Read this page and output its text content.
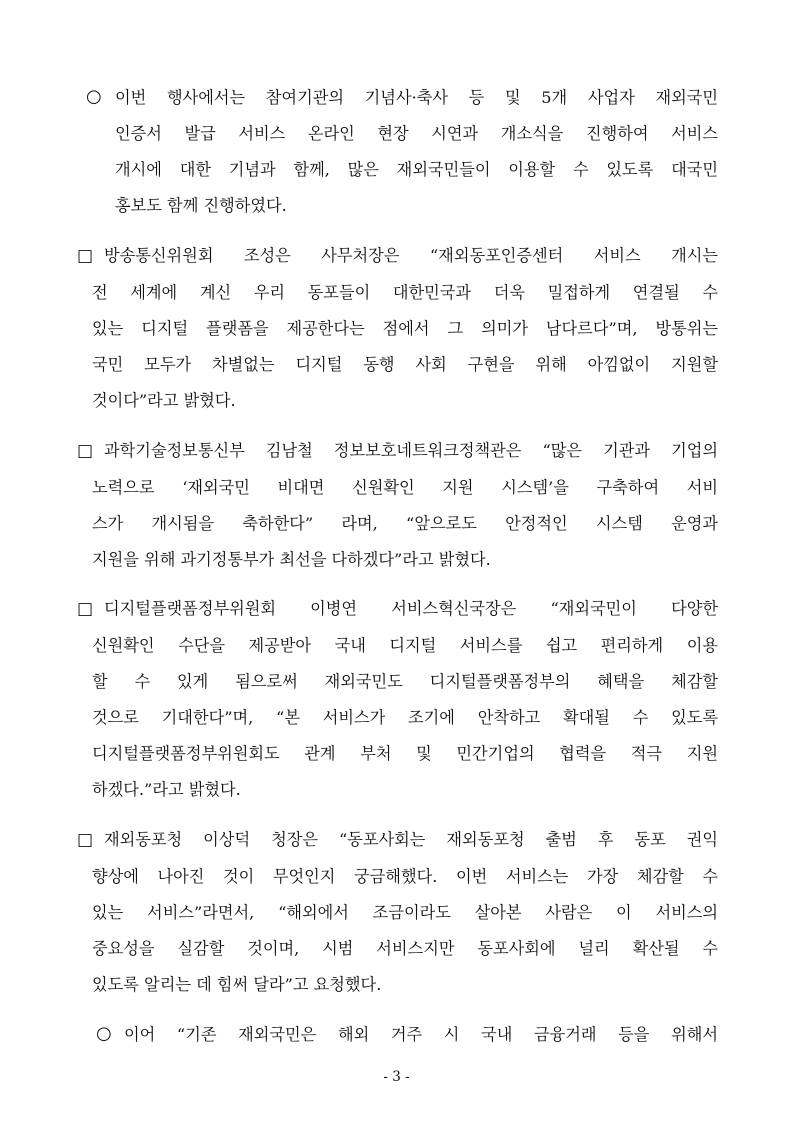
○ 이번 행사에서는 참여기관의 기념사·축사 등 및 5개 사업자 재외국민
인증서 발급 서비스 온라인 현장 시연과 개소식을 진행하여 서비스
개시에 대한 기념과 함께, 많은 재외국민들이 이용할 수 있도록 대국민
홍보도 함께 진행하였다.
□ 방송통신위원회 조성은 사무처장은 “재외동포인증센터 서비스 개시는
전 세계에 계신 우리 동포들이 대한민국과 더욱 밀접하게 연결될 수
있는 디지털 플랫폼을 제공한다는 점에서 그 의미가 남다르다”며, 방통위는
국민 모두가 차별없는 디지털 동행 사회 구현을 위해 아낌없이 지원할
것이다”라고 밝혔다.
□ 과학기술정보통신부 김남철 정보보호네트워크정책관은 “많은 기관과 기업의
노력으로 ‘재외국민 비대면 신원확인 지원 시스템’을 구축하여 서비
스가 개시됨을 축하한다” 라며, “앞으로도 안정적인 시스템 운영과
지원을 위해 과기정통부가 최선을 다하겠다”라고 밝혔다.
□ 디지털플랫폼정부위원회 이병연 서비스혁신국장은 “재외국민이 다양한
신원확인 수단을 제공받아 국내 디지털 서비스를 쉽고 편리하게 이용
할 수 있게 됨으로써 재외국민도 디지털플랫폼정부의 혜택을 체감할
것으로 기대한다”며, “본 서비스가 조기에 안착하고 확대될 수 있도록
디지털플랫폼정부위원회도 관계 부처 및 민간기업의 협력을 적극 지원
하겠다.”라고 밝혔다.
□ 재외동포청 이상덕 청장은 “동포사회는 재외동포청 출범 후 동포 권익
향상에 나아진 것이 무엇인지 궁금해했다. 이번 서비스는 가장 체감할 수
있는 서비스”라면서, “해외에서 조금이라도 살아본 사람은 이 서비스의
중요성을 실감할 것이며, 시범 서비스지만 동포사회에 널리 확산될 수
있도록 알리는 데 힘써 달라”고 요청했다.
○ 이어 “기존 재외국민은 해외 거주 시 국내 금융거래 등을 위해서
- 3 -
